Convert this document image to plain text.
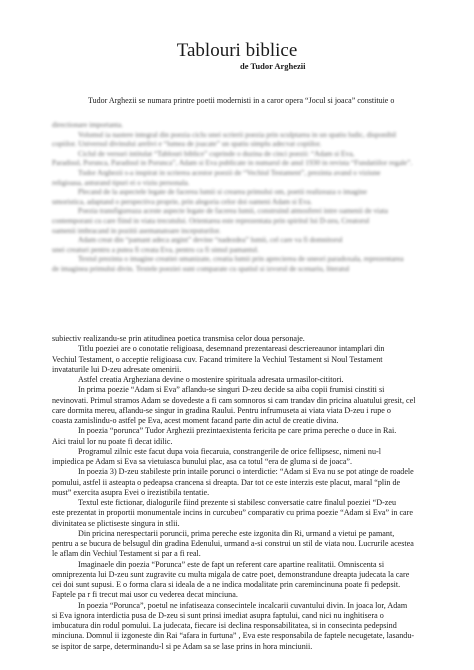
Tablouri biblice
de Tudor Arghezii
Tudor Arghezii se numara printre poetii modernisti in a caror opera “Jocul si joaca” constituie o
directionare importanta.
Volumul ia nastere integral din poezia ciclu unei scrierii poezia prin sculptarea in un spatiu ludic, disponibil
copiilor. Universul divinului arelivi e “lumea de joacate” un spatiu simplu adecvat copiilor.
Ciclul de versuri intitulat “Tablouri biblice” cuprinde o duzina de cinci poezii: “Adam si Eva,
Paradisul, Porunca, Paradisul in Porunca”, Adam si Eva publicate in numarul de anul 1930 in revista “Fundatiilor regale”.
Tudor Arghezii s-a inspirat in scrierea acestor poezii de “Vechiul Testament”, prezinta avand o viziune
religioasa, anturand tipuri ei o viziu personala.
Plecand de la aspectele legate de facerea lumii si crearea primului om, poetii realizeaza o imagine
umoristica, adaptand o perspectiva proprie, prin alegoria celor doi oameni Adam si Eva.
Poezia transfigureaza aceste aspecte legate de facerea lumii, construind atmosferei intre oamenii de viata
contemporani cu care fiind in viata trecutului. Orientarea este reprezentata prin spiritul lui D-zeu, Creatorul
oamenii imbracand in pozitii asemanatoare inceputurilor.
Adam creat din “pamant adeca argint” devine “nadezdea” lumii, cel care va fi domnitorul
unei creaturi pentru a putea fi creata Eva, pentru ca fi simul pamantul.
Textul prezinta o imagine creatiei umanizate, creatia lumii prin aprecierea de uneori paradoxala, reprezentarea
de imaginea primului divin. Textele poeziei sunt comparate cu spatiul si izvorul de scenariu, literatul
subiectiv realizandu-se prin atitudinea poetica transmisa celor doua personaje.
Titlu poeziei are o conotatie religioasa, desemnand prezentareasi descriereaunor intamplari din
Vechiul Testament, o acceptie religioasa cuv. Facand trimitere la Vechiul Testament si Noul Testament
invataturile lui D-zeu adresate omenirii.
Astfel creatia Arghezianа devine o mostenire spirituala adresata urmasilor-cititori.
In prima poezie “Adam si Eva” aflandu-se singuri D-zeu decide sa aiba copii frumisi cinstiti si
nevinovati. Primul stramos Adam se dovedeste a fi cam somnoros si cam trandav din pricina aluatului gresit, cel
care dormita mereu, aflandu-se singur in gradina Raului. Pentru infrumuseta ai viata viata D-zeu i rupe o
coasta zamislindu-o astfel pe Eva, acest moment facand parte din actul de creatie divina.
In poezia “porunca” Tudor Arghezii prezintaexistenta fericita pe care prima pereche o duce in Rai.
Aici traiul lor nu poate fi decat idilic.
Programul zilnic este facut dupa voia fiecaruia, constrangerile de orice fellipsesc, nimeni nu-l
impiedica pe Adam si Eva sa vietuiasca bunului plac, asa ca totul “era de gluma si de joaca”.
In poezia 3) D-zeu stabileste prin intaile porunci o interdictie: “Adam si Eva nu se pot atinge de roadele
pomului, astfel ii asteapta o pedeapsa crancena si dreapta. Dar tot ce este interzis este placut, maral “plin de
must” exercita asupra Evei o irezistibila tentatie.
Textul este fictionar, dialogurile fiind prezente si stabilesc conversatie catre finalul poeziei “D-zeu
este prezentat in proportii monumentale incins in curcubeu” comparativ cu prima poezie “Adam si Eva” in care
divinitatea se plictiseste singura in stlii.
Din pricina nerespectarii poruncii, prima pereche este izgonita din Ri, urmand a vietui pe pamant,
pentru a se bucura de belsugul din gradina Edenului, urmand a-si construi un stil de viata nou. Lucrurile acestea
le aflam din Vechiul Testament si par a fi real.
Imaginaele din poezia “Porunca” este de fapt un referent care apartine realitatii. Omniscenta si
omniprezenta lui D-zeu sunt zugravite cu multa migala de catre poet, demonstrandune dreapta judecata la care
cei doi sunt supusi. E o forma clara si ideala de a ne indica modalitate prin caremincinuna poate fi pedepsit.
Faptele pa r fi trecut mai usor cu vederea decat minciuna.
In poezia “Porunca”, poetul ne infatiseaza consecintele incalcarii cuvantului divin. In joaca lor, Adam
si Eva ignora interdictia pusa de D-zeu si sunt prinsi imediat asupra faptului, cand nici nu inghitisera o
imbucatura din rodul pomului. La judecata, fiecare isi declina responsabilitatea, si in consecinta pedepsind
minciuna. Domnul ii izgoneste din Rai “afara in furtuna” , Eva este responsabila de faptele necugetate, lasandu-
se ispitor de sarpe, determinandu-l si pe Adam sa se lase prins in hora minciunii.
